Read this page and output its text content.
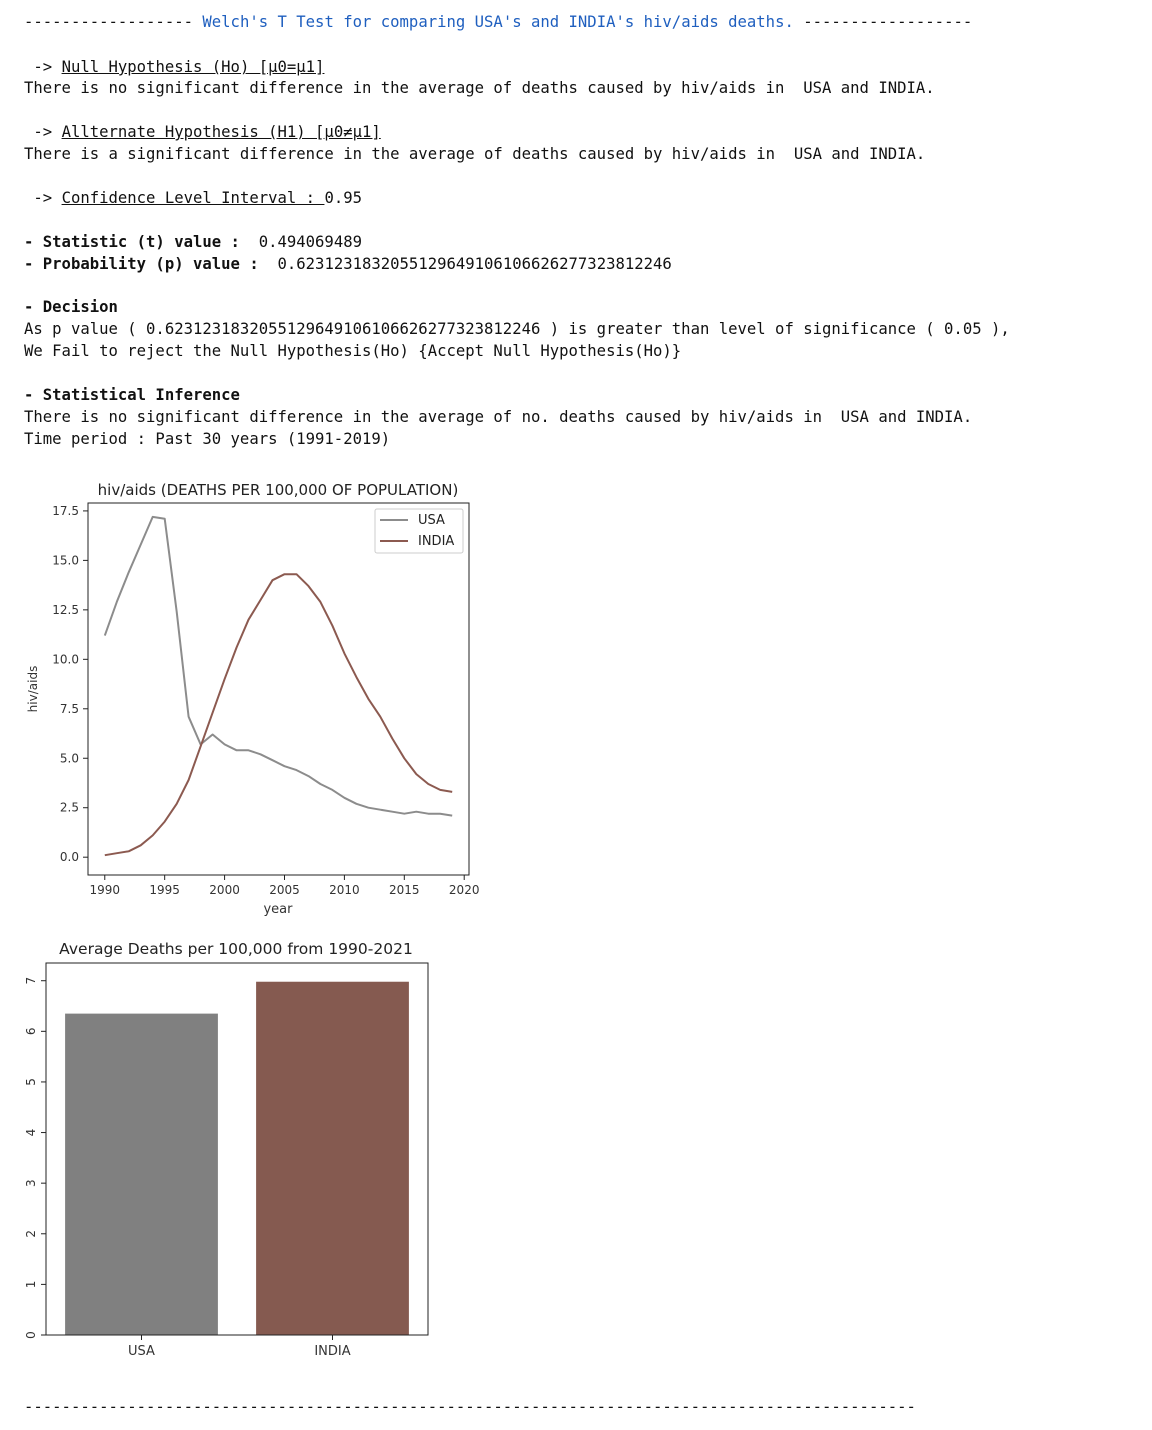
------------------ Welch's T Test for comparing USA's and INDIA's hiv/aids deaths. ------------------
-> Null Hypothesis (Ho) [μ0=μ1]
There is no significant difference in the average of deaths caused by hiv/aids in  USA and INDIA.
-> Allternate Hypothesis (H1) [μ0≠μ1]
There is a significant difference in the average of deaths caused by hiv/aids in  USA and INDIA.
-> Confidence Level Interval : 0.95
- Statistic (t) value : 0.494069489
- Probability (p) value : 0.6231231832055129649106106626277323812246
- Decision
As p value ( 0.6231231832055129649106106626277323812246 ) is greater than level of significance ( 0.05 ),
We Fail to reject the Null Hypothesis(Ho) {Accept Null Hypothesis(Ho)}
- Statistical Inference
There is no significant difference in the average of no. deaths caused by hiv/aids in  USA and INDIA.
Time period : Past 30 years (1991-2019)
hiv/aids (DEATHS PER 100,000 OF POPULATION)
1990 1995 2000 2005 2010 2015 2020
0.0
2.5
5.0
7.5
10.0
12.5
15.0
17.5
USA
INDIA
year
hiv/aids
Average Deaths per 100,000 from 1990-2021
0
1
2
3
4
5
6
7
USA	INDIA
-----------------------------------------------------------------------------------------------
